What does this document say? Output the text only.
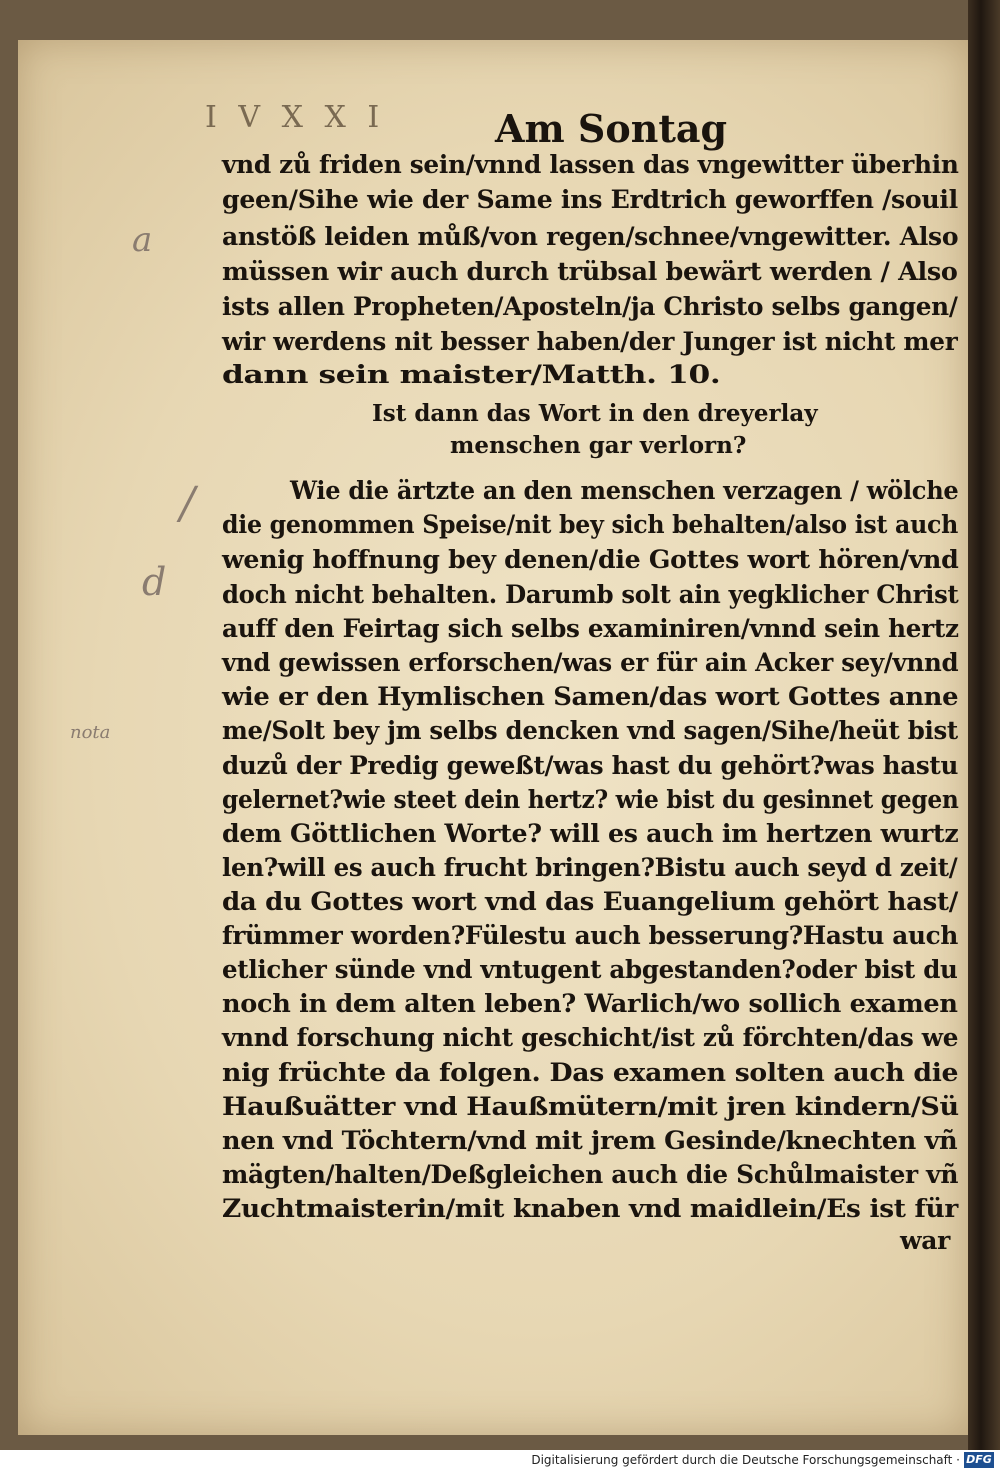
I V X X I	Am Sontag
vnd zů friden sein/vnnd lassen das vngewitter überhin
geen/Sihe wie der Same ins Erdtrich geworffen /souil
anstöß leiden můß/von regen/schnee/vngewitter. Also
müssen wir auch durch trübsal bewärt werden / Also
ists allen Propheten/Aposteln/ja Christo selbs gangen/
wir werdens nit besser haben/der Junger ist nicht mer
dann sein maister/Matth. 10.
Ist dann das Wort in den dreyerlay
menschen gar verlorn?
Wie die ärtzte an den menschen verzagen / wölche
die genommen Speise/nit bey sich behalten/also ist auch
wenig hoffnung bey denen/die Gottes wort hören/vnd
doch nicht behalten. Darumb solt ain yegklicher Christ
auff den Feirtag sich selbs examiniren/vnnd sein hertz
vnd gewissen erforschen/was er für ain Acker sey/vnnd
wie er den Hymlischen Samen/das wort Gottes anne
me/Solt bey jm selbs dencken vnd sagen/Sihe/heüt bist
duzů der Predig geweßt/was hast du gehört?was hastu
gelernet?wie steet dein hertz? wie bist du gesinnet gegen
dem Göttlichen Worte? will es auch im hertzen wurtz
len?will es auch frucht bringen?Bistu auch seyd d zeit/
da du Gottes wort vnd das Euangelium gehört hast/
frümmer worden?Fülestu auch besserung?Hastu auch
etlicher sünde vnd vntugent abgestanden?oder bist du
noch in dem alten leben? Warlich/wo sollich examen
vnnd forschung nicht geschicht/ist zů förchten/das we
nig früchte da folgen. Das examen solten auch die
Haußuätter vnd Haußmütern/mit jren kindern/Sü
nen vnd Töchtern/vnd mit jrem Gesinde/knechten vñ
mägten/halten/Deßgleichen auch die Schůlmaister vñ
Zuchtmaisterin/mit knaben vnd maidlein/Es ist für
war
a
/
d
nota
Digitalisierung gefördert durch die Deutsche Forschungsgemeinschaft · DFG
